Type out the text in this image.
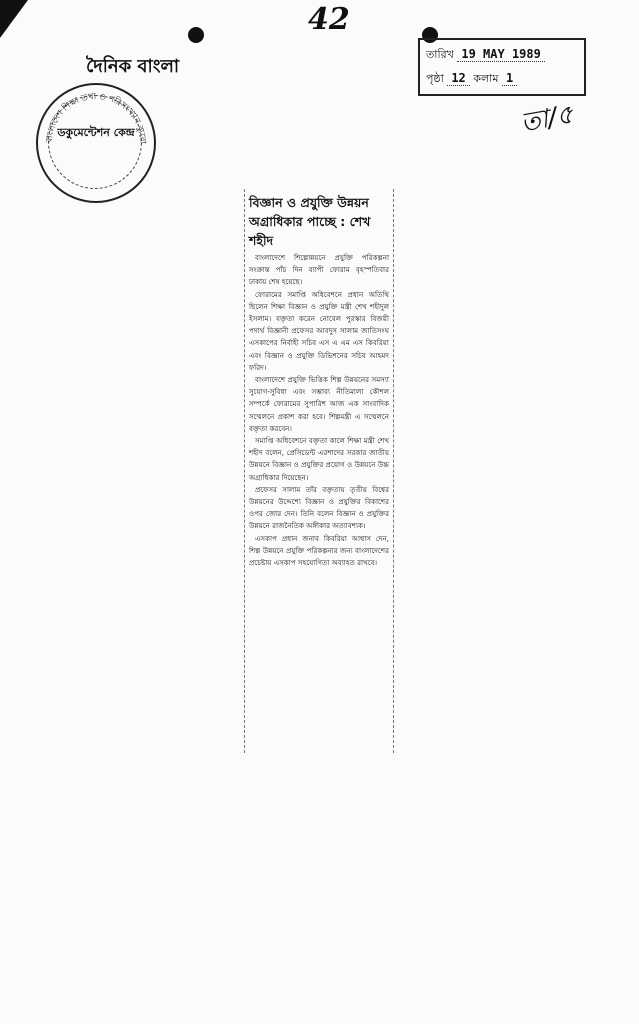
42
দৈনিক বাংলা
বাংলাদেশ শিক্ষা তথ্য ও পরিসংখ্যান ব্যুরো
ডকুমেন্টেশন কেন্দ্র
তারিখ 19 MAY 1989
পৃষ্ঠা 12 কলাম 1
তা/৫
বিজ্ঞান ও প্রযুক্তি উন্নয়ন অগ্রাধিকার পাচ্ছে : শেখ শহীদ

বাংলাদেশে শিল্পোন্নয়নে প্রযুক্তি পরিকল্পনা সংক্রান্ত পাঁচ দিন ব্যাপী ফোরাম বৃহস্পতিবার ঢাকায় শেষ হয়েছে।

ফোরামের সমাপ্তি অধিবেশনে প্রধান অতিথি ছিলেন শিক্ষা বিজ্ঞান ও প্রযুক্তি মন্ত্রী শেখ শহীদুল ইসলাম। বক্তৃতা করেন নোবেল পুরস্কার বিজয়ী পদার্থ বিজ্ঞানী প্রফেসর আবদুস সালাম জাতিসংঘ এসকাপের নির্বাহী সচিব এস এ এম এস কিবরিয়া এবং বিজ্ঞান ও প্রযুক্তি ডিভিশনের সচিব আহমদ ফরিদ।

বাংলাদেশে প্রযুক্তি ভিত্তিক শিল্প উন্নয়নের সমস্যা সুযোগ-সুবিধা এবং সম্ভাব্য নীতিমালা কৌশল সম্পর্কে ফোরামের সুপারিশ আজ এক সাংবাদিক সম্মেলনে প্রকাশ করা হবে। শিল্পমন্ত্রী এ সম্মেলনে বক্তৃতা করবেন।

সমাপ্তি অধিবেশনে বক্তৃতা কালে শিক্ষা মন্ত্রী শেখ শহীদ বলেন, প্রেসিডেন্ট এরশাদের সরকার জাতীয় উন্নয়নে বিজ্ঞান ও প্রযুক্তির প্রয়োগ ও উন্নয়নে উচ্চ অগ্রাধিকার দিয়েছেন।

প্রফেসর সালাম তাঁর বক্তৃতায় তৃতীয় বিশ্বের উন্নয়নের উদ্দেশ্যে বিজ্ঞান ও প্রযুক্তির বিকাশের ওপর জোর দেন। তিনি বলেন বিজ্ঞান ও প্রযুক্তির উন্নয়নে রাজনৈতিক অঙ্গীকার অত্যাবশ্যক।

এসকাপ প্রধান জনাব কিবরিয়া আশ্বাস দেন, শিল্প উন্নয়নে প্রযুক্তি পরিকল্পনার জন্য বাংলাদেশের প্রচেষ্টায় এসকাপ সহযোগিতা অব্যাহত রাখবে।
